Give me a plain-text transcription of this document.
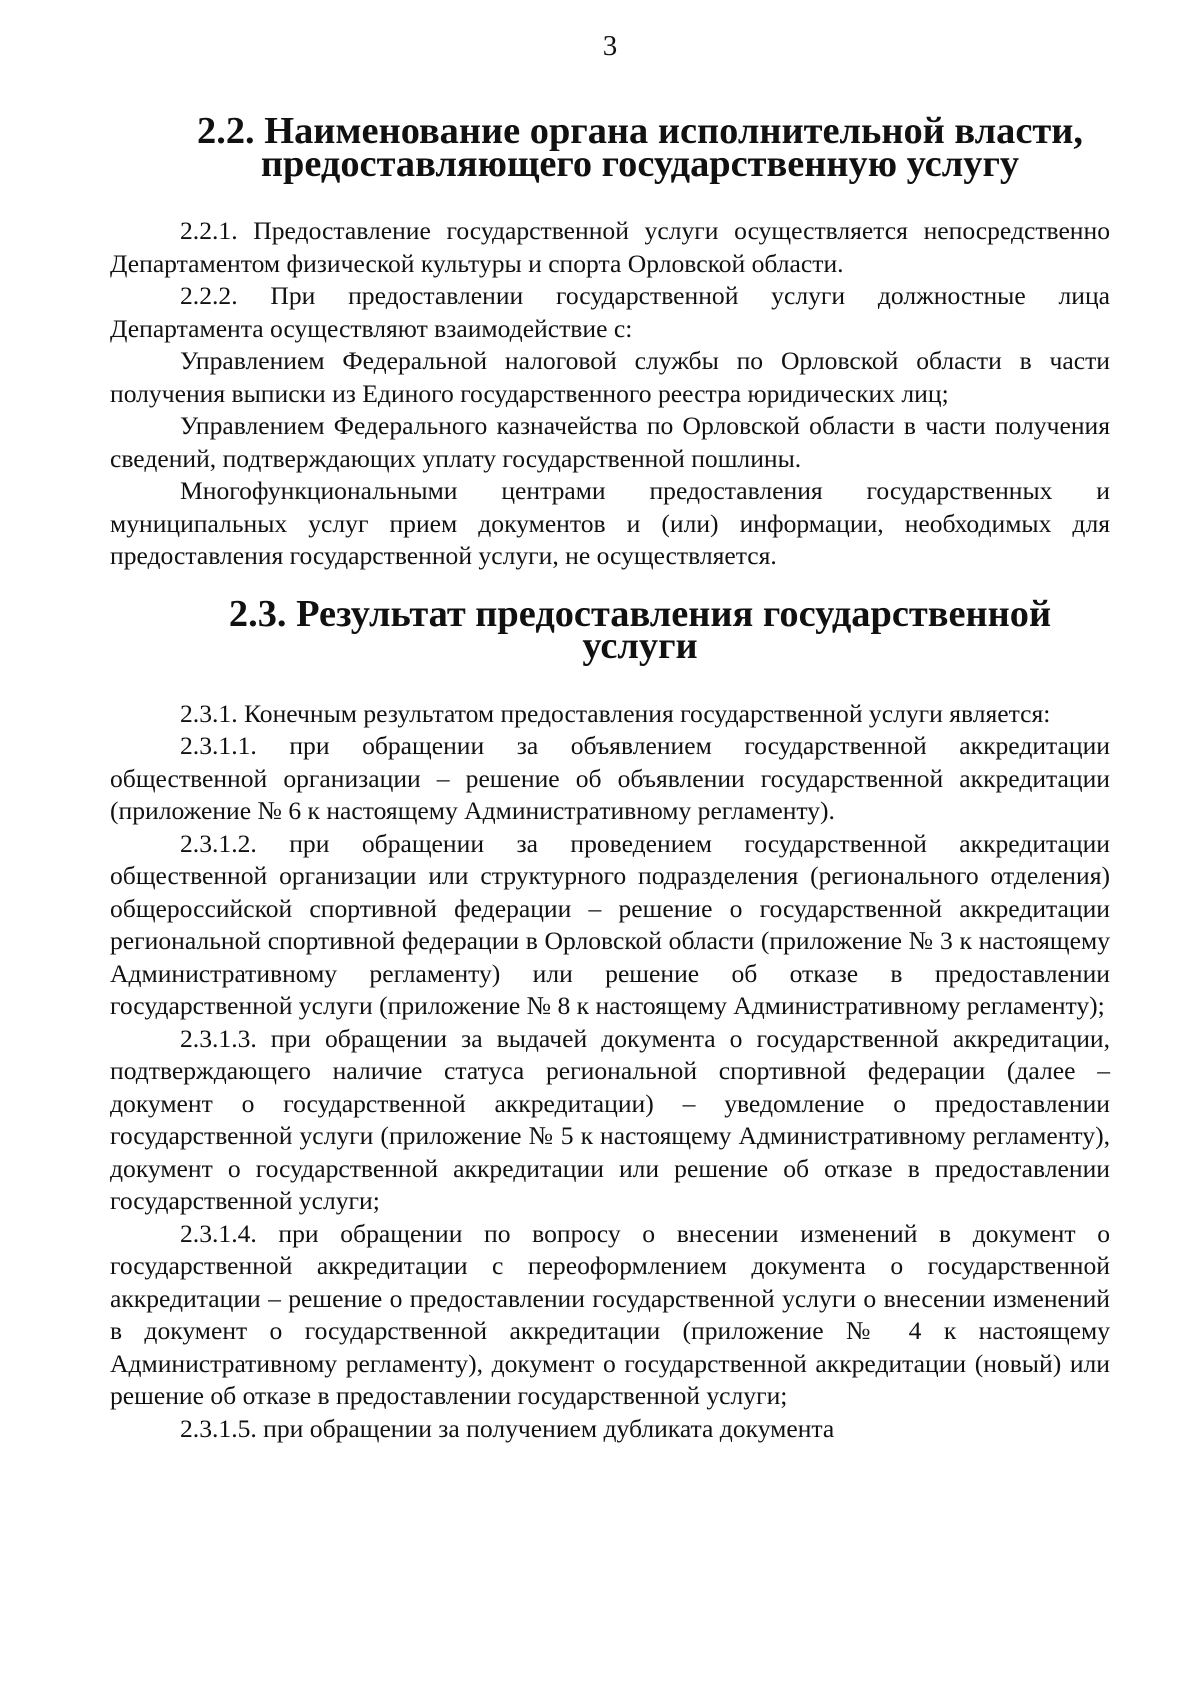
3
2.2. Наименование органа исполнительной власти, предоставляющего государственную услугу

2.2.1. Предоставление государственной услуги осуществляется непосредственно Департаментом физической культуры и спорта Орловской области.

2.2.2. При предоставлении государственной услуги должностные лица Департамента осуществляют взаимодействие с:

Управлением Федеральной налоговой службы по Орловской области в части получения выписки из Единого государственного реестра юридических лиц;

Управлением Федерального казначейства по Орловской области в части получения сведений, подтверждающих уплату государственной пошлины.

Многофункциональными центрами предоставления государственных и муниципальных услуг прием документов и (или) информации, необходимых для предоставления государственной услуги, не осуществляется.

2.3. Результат предоставления государственной услуги

2.3.1. Конечным результатом предоставления государственной услуги является:

2.3.1.1. при обращении за объявлением государственной аккредитации общественной организации – решение об объявлении государственной аккредитации (приложение № 6 к настоящему Административному регламенту).

2.3.1.2. при обращении за проведением государственной аккредитации общественной организации или структурного подразделения (регионального отделения) общероссийской спортивной федерации – решение о государственной аккредитации региональной спортивной федерации в Орловской области (приложение № 3 к настоящему Административному регламенту) или решение об отказе в предоставлении государственной услуги (приложение № 8 к настоящему Административному регламенту);

2.3.1.3. при обращении за выдачей документа о государственной аккредитации, подтверждающего наличие статуса региональной спортивной федерации (далее – документ о государственной аккредитации) – уведомление о предоставлении государственной услуги (приложение № 5 к настоящему Административному регламенту), документ о государственной аккредитации или решение об отказе в предоставлении государственной услуги;

2.3.1.4. при обращении по вопросу о внесении изменений в документ о государственной аккредитации с переоформлением документа о государственной аккредитации – решение о предоставлении государственной услуги о внесении изменений в документ о государственной аккредитации (приложение № 4 к настоящему Административному регламенту), документ о государственной аккредитации (новый) или решение об отказе в предоставлении государственной услуги;

2.3.1.5. при обращении за получением дубликата документа
